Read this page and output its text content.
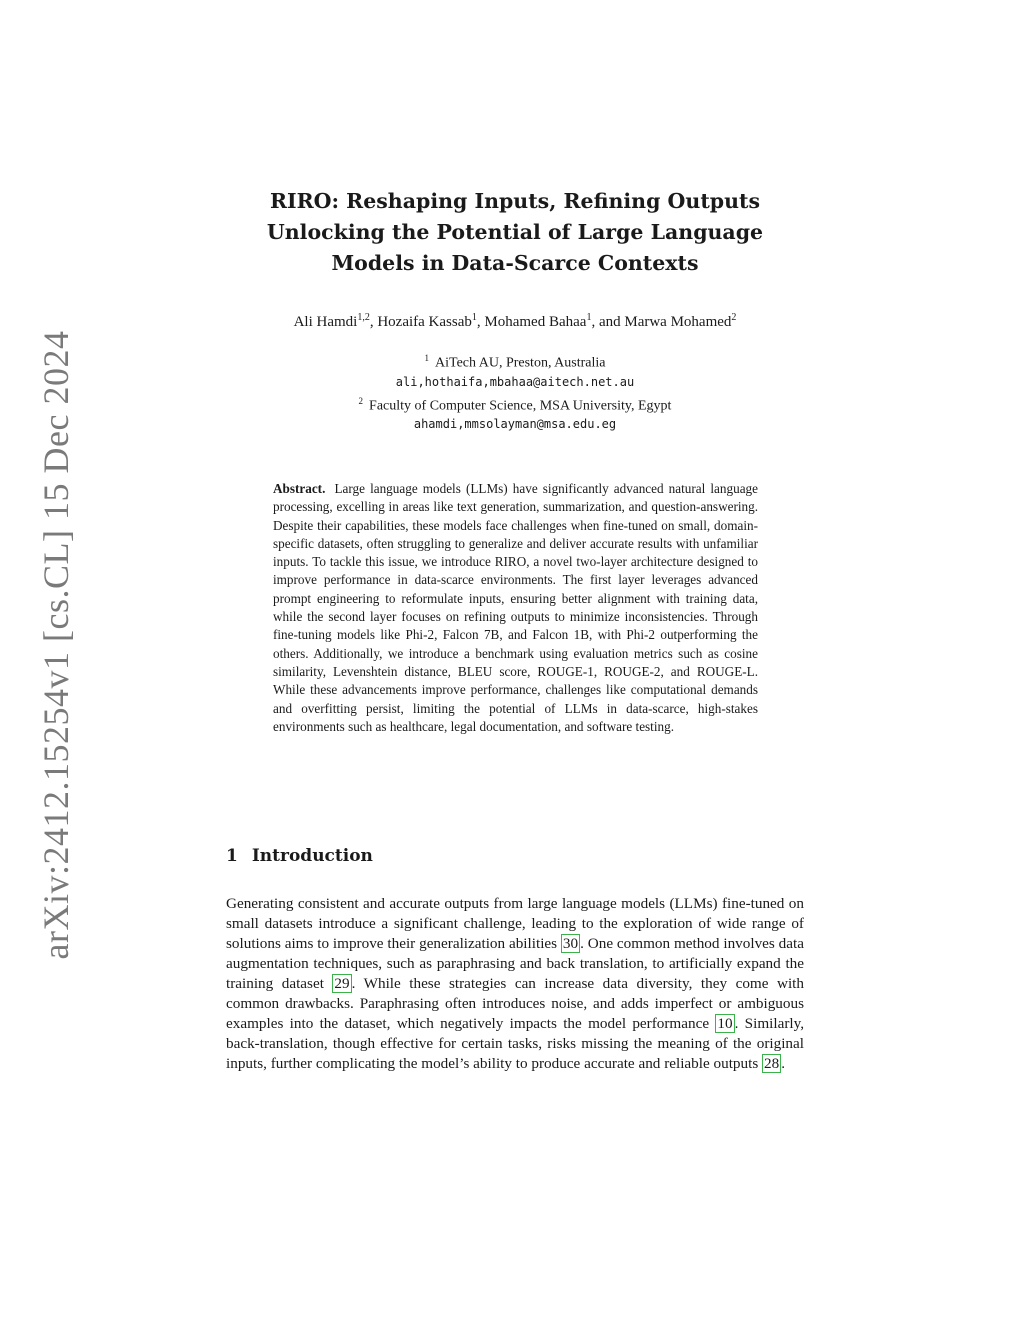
arXiv:2412.15254v1 [cs.CL] 15 Dec 2024
RIRO: Reshaping Inputs, Refining Outputs
Unlocking the Potential of Large Language
Models in Data-Scarce Contexts
Ali Hamdi$^{1,2}$, Hozaifa Kassab$^1$, Mohamed Bahaa$^1$, and Marwa Mohamed$^2$
$^1$ AiTech AU, Preston, Australia
ali,hothaifa,mbahaa@aitech.net.au
$^2$ Faculty of Computer Science, MSA University, Egypt
ahamdi,mmsolayman@msa.edu.eg
Abstract. Large language models (LLMs) have significantly advanced natural language processing, excelling in areas like text generation, summarization, and question-answering. Despite their capabilities, these models face challenges when fine-tuned on small, domain-specific datasets, often struggling to generalize and deliver accurate results with unfamiliar inputs. To tackle this issue, we introduce RIRO, a novel two-layer architecture designed to improve performance in data-scarce environments. The first layer leverages advanced prompt engineering to reformulate inputs, ensuring better alignment with training data, while the second layer focuses on refining outputs to minimize inconsistencies. Through fine-tuning models like Phi-2, Falcon 7B, and Falcon 1B, with Phi-2 outperforming the others. Additionally, we introduce a benchmark using evaluation metrics such as cosine similarity, Levenshtein distance, BLEU score, ROUGE-1, ROUGE-2, and ROUGE-L. While these advancements improve performance, challenges like computational demands and overfitting persist, limiting the potential of LLMs in data-scarce, high-stakes environments such as healthcare, legal documentation, and software testing.
1 Introduction
Generating consistent and accurate outputs from large language models (LLMs) fine-tuned on small datasets introduce a significant challenge, leading to the exploration of wide range of solutions aims to improve their generalization abilities 30 . One common method involves data augmentation techniques, such as paraphrasing and back translation, to artificially expand the training dataset 29 . While these strategies can increase data diversity, they come with common drawbacks. Paraphrasing often introduces noise, and adds imperfect or ambiguous examples into the dataset, which negatively impacts the model performance 10 . Similarly, back-translation, though effective for certain tasks, risks missing the meaning of the original inputs, further complicating the model’s ability to produce accurate and reliable outputs 28 .
